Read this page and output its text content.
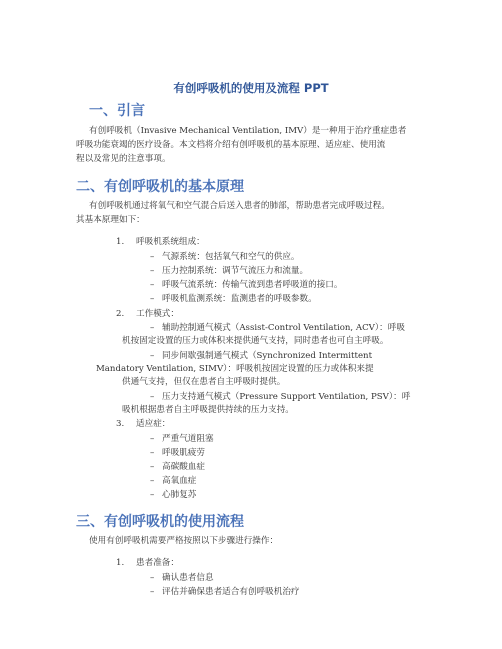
有创呼吸机的使用及流程 PPT
一、引言
有创呼吸机（Invasive Mechanical Ventilation, IMV）是一种用于治疗重症患者
呼吸功能衰竭的医疗设备。本文档将介绍有创呼吸机的基本原理、适应症、使用流
程以及常见的注意事项。
二、有创呼吸机的基本原理
有创呼吸机通过将氧气和空气混合后送入患者的肺部，帮助患者完成呼吸过程。
其基本原理如下：
1. 呼吸机系统组成：
– 气源系统：包括氧气和空气的供应。
– 压力控制系统：调节气流压力和流量。
– 呼吸气流系统：传输气流到患者呼吸道的接口。
– 呼吸机监测系统：监测患者的呼吸参数。
2. 工作模式：
– 辅助控制通气模式（Assist-Control Ventilation, ACV）：呼吸
机按固定设置的压力或体积来提供通气支持，同时患者也可自主呼吸。
– 同步间歇强制通气模式（Synchronized Intermittent
Mandatory Ventilation, SIMV）：呼吸机按固定设置的压力或体积来提
供通气支持，但仅在患者自主呼吸时提供。
– 压力支持通气模式（Pressure Support Ventilation, PSV）：呼
吸机根据患者自主呼吸提供持续的压力支持。
3. 适应症：
– 严重气道阻塞
– 呼吸肌疲劳
– 高碳酸血症
– 高氧血症
– 心肺复苏
三、有创呼吸机的使用流程
使用有创呼吸机需要严格按照以下步骤进行操作：
1. 患者准备：
– 确认患者信息
– 评估并确保患者适合有创呼吸机治疗
